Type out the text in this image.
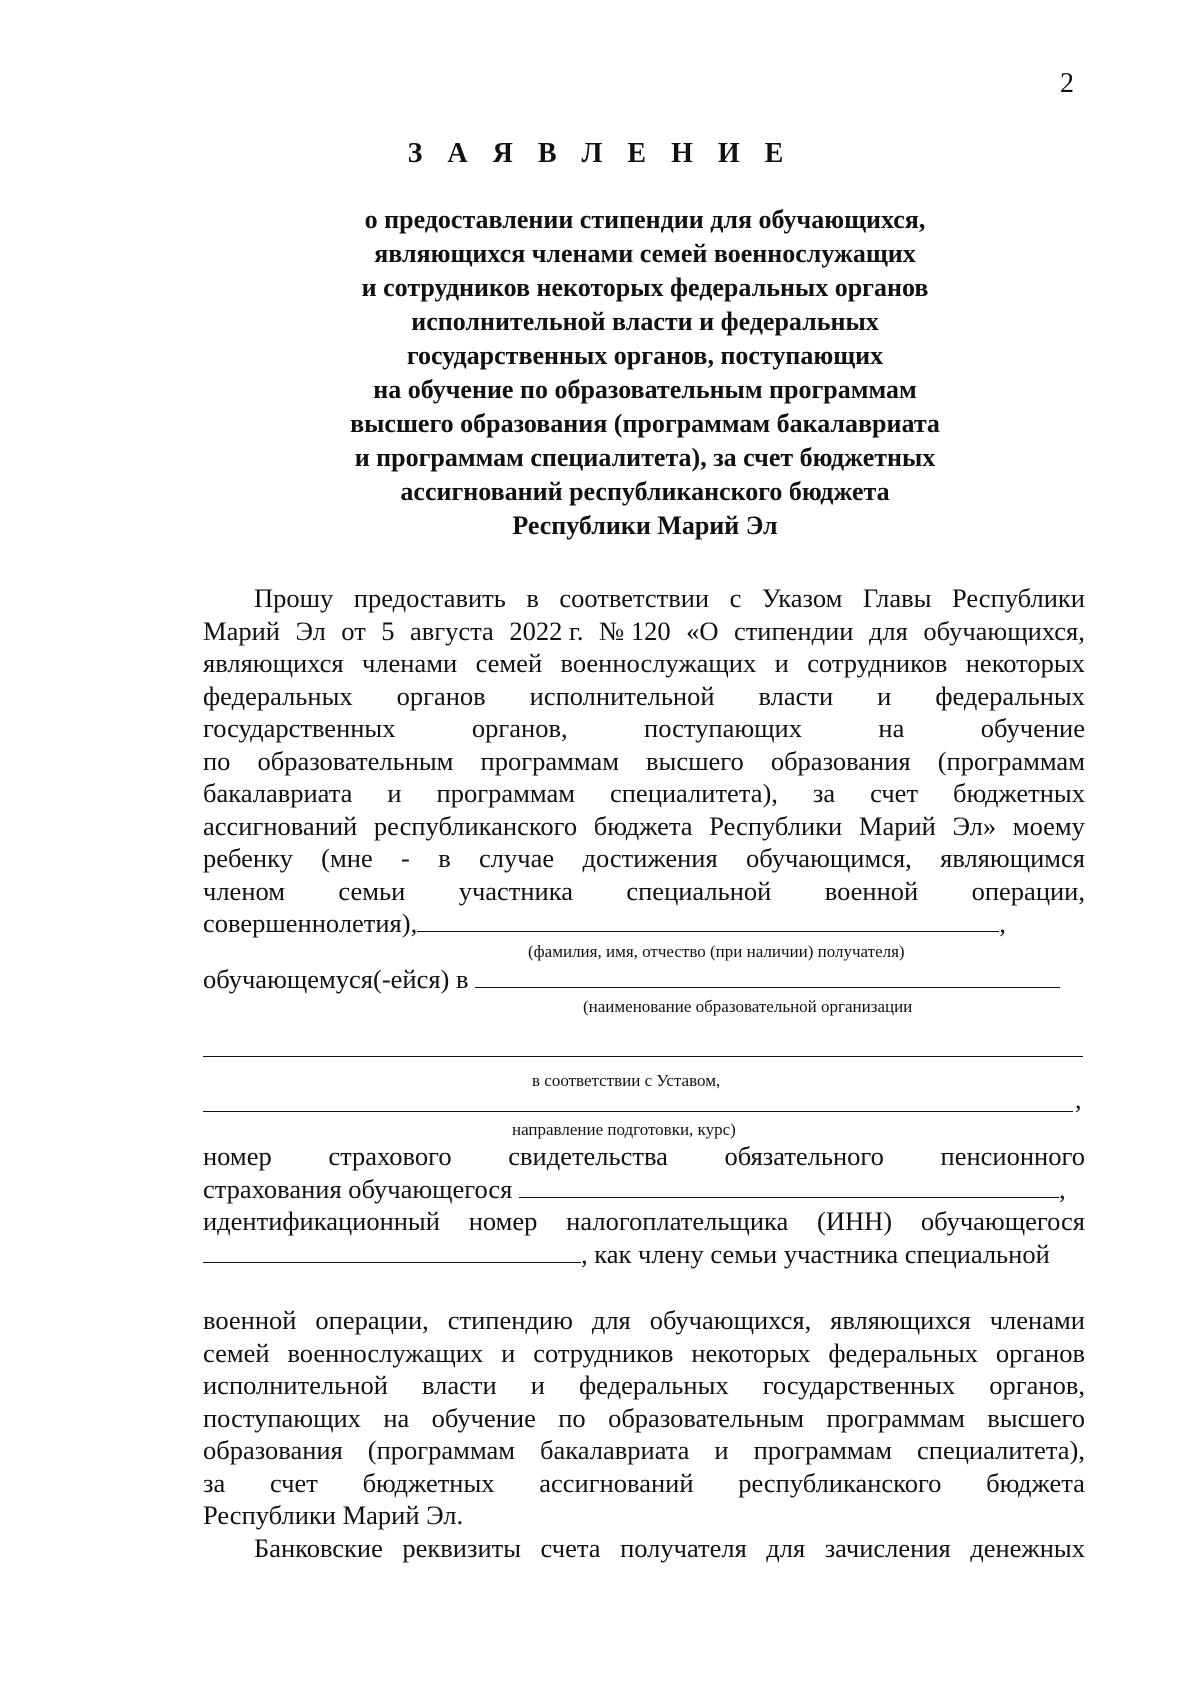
2
З А Я В Л Е Н И Е
о предоставлении стипендии для обучающихся,
являющихся членами семей военнослужащих
и сотрудников некоторых федеральных органов
исполнительной власти и федеральных
государственных органов, поступающих
на обучение по образовательным программам
высшего образования (программам бакалавриата
и программам специалитета), за счет бюджетных
ассигнований республиканского бюджета
Республики Марий Эл
Прошу предоставить в соответствии с Указом Главы Республики
Марий Эл от 5 августа 2022 г. № 120 «О стипендии для обучающихся,
являющихся членами семей военнослужащих и сотрудников некоторых
федеральных органов исполнительной власти и федеральных
государственных	органов,	поступающих	на	обучение
по образовательным программам высшего образования (программам
бакалавриата и программам специалитета), за счет бюджетных
ассигнований республиканского бюджета Республики Марий Эл» моему
ребенку (мне - в случае достижения обучающимся, являющимся
членом семьи участника специальной военной операции,
совершеннолетия),	,
(фамилия, имя, отчество (при наличии) получателя)
обучающемуся(-ейся) в
(наименование образовательной организации
в соответствии с Уставом,
,
направление подготовки, курс)
номер страхового свидетельства обязательного пенсионного
страхования обучающегося	,
идентификационный номер налогоплательщика (ИНН) обучающегося
, как члену семьи участника специальной
военной операции, стипендию для обучающихся, являющихся членами
семей военнослужащих и сотрудников некоторых федеральных органов
исполнительной власти и федеральных государственных органов,
поступающих на обучение по образовательным программам высшего
образования (программам бакалавриата и программам специалитета),
за счет бюджетных ассигнований республиканского бюджета
Республики Марий Эл.
Банковские реквизиты счета получателя для зачисления денежных
